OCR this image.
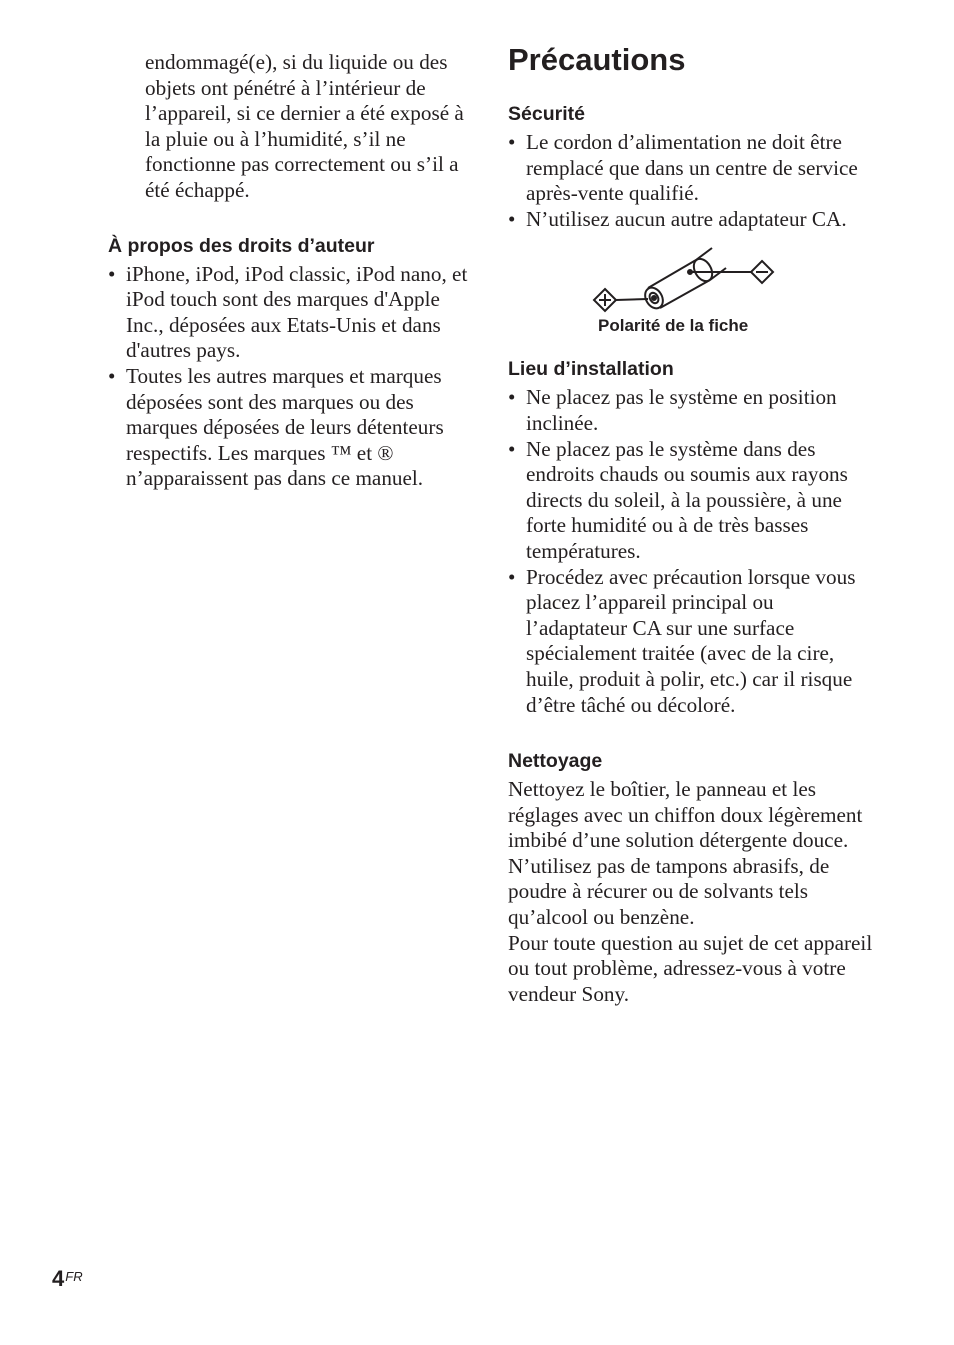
endommagé(e), si du liquide ou des objets ont pénétré à l’intérieur de l’appareil, si ce dernier a été exposé à la pluie ou à l’humidité, s’il ne fonctionne pas correctement ou s’il a été échappé.

À propos des droits d’auteur
• iPhone, iPod, iPod classic, iPod nano, et iPod touch sont des marques d'Apple Inc., déposées aux Etats-Unis et dans d'autres pays.
• Toutes les autres marques et marques déposées sont des marques ou des marques déposées de leurs détenteurs respectifs. Les marques ™ et ® n’apparaissent pas dans ce manuel.
Précautions
Sécurité
• Le cordon d’alimentation ne doit être remplacé que dans un centre de service après-vente qualifié.
• N’utilisez aucun autre adaptateur CA.
Polarité de la fiche
Lieu d’installation
• Ne placez pas le système en position inclinée.
• Ne placez pas le système dans des endroits chauds ou soumis aux rayons directs du soleil, à la poussière, à une forte humidité ou à de très basses températures.
• Procédez avec précaution lorsque vous placez l’appareil principal ou l’adaptateur CA sur une surface spécialement traitée (avec de la cire, huile, produit à polir, etc.) car il risque d’être tâché ou décoloré.
Nettoyage

Nettoyez le boîtier, le panneau et les réglages avec un chiffon doux légèrement imbibé d’une solution détergente douce. N’utilisez pas de tampons abrasifs, de poudre à récurer ou de solvants tels qu’alcool ou benzène.

Pour toute question au sujet de cet appareil ou tout problème, adressez-vous à votre vendeur Sony.

$4^{FR}$
